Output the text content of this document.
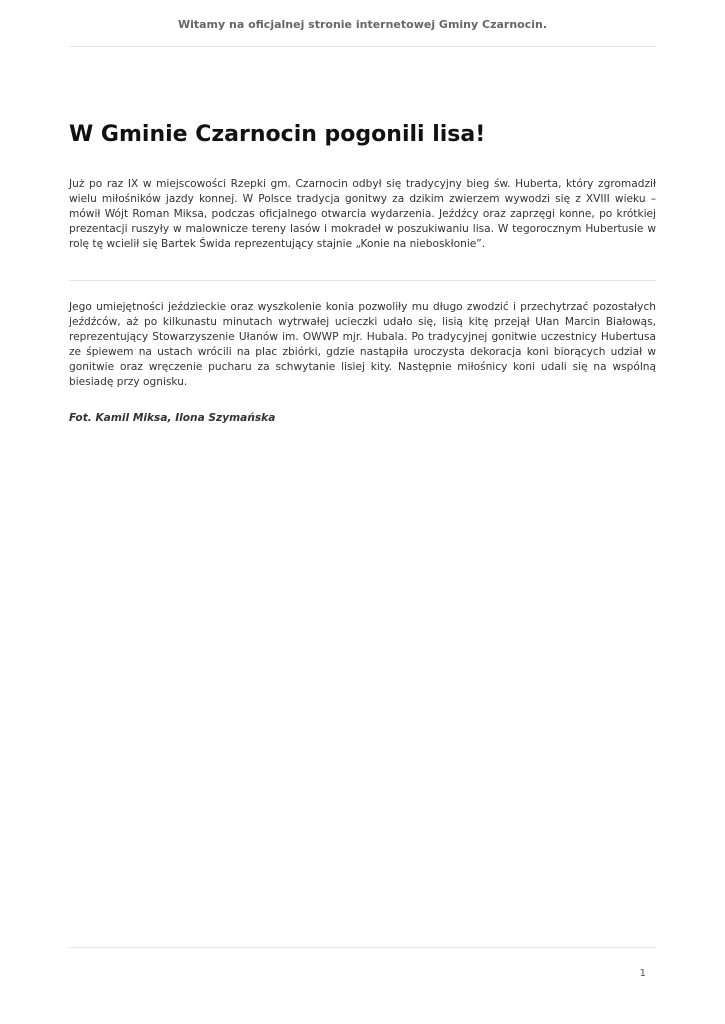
Witamy na oficjalnej stronie internetowej Gminy Czarnocin.
W Gminie Czarnocin pogonili lisa!

Już po raz IX w miejscowości Rzepki gm. Czarnocin odbył się tradycyjny bieg św. Huberta, który zgromadził wielu miłośników jazdy konnej. W Polsce tradycja gonitwy za dzikim zwierzem wywodzi się z XVIII wieku – mówił Wójt Roman Miksa, podczas oficjalnego otwarcia wydarzenia. Jeźdźcy oraz zaprzęgi konne, po krótkiej prezentacji ruszyły w malownicze tereny lasów i mokradeł w poszukiwaniu lisa. W tegorocznym Hubertusie w rolę tę wcielił się Bartek Świda reprezentujący stajnie „Konie na nieboskłonie”.

Jego umiejętności jeździeckie oraz wyszkolenie konia pozwoliły mu długo zwodzić i przechytrzać pozostałych jeźdźców, aż po kilkunastu minutach wytrwałej ucieczki udało się, lisią kitę przejął Ułan Marcin Białowąs, reprezentujący Stowarzyszenie Ułanów im. OWWP mjr. Hubala. Po tradycyjnej gonitwie uczestnicy Hubertusa ze śpiewem na ustach wrócili na plac zbiórki, gdzie nastąpiła uroczysta dekoracja koni biorących udział w gonitwie oraz wręczenie pucharu za schwytanie lisiej kity. Następnie miłośnicy koni udali się na wspólną biesiadę przy ognisku.

Fot. Kamil Miksa, Ilona Szymańska

1
